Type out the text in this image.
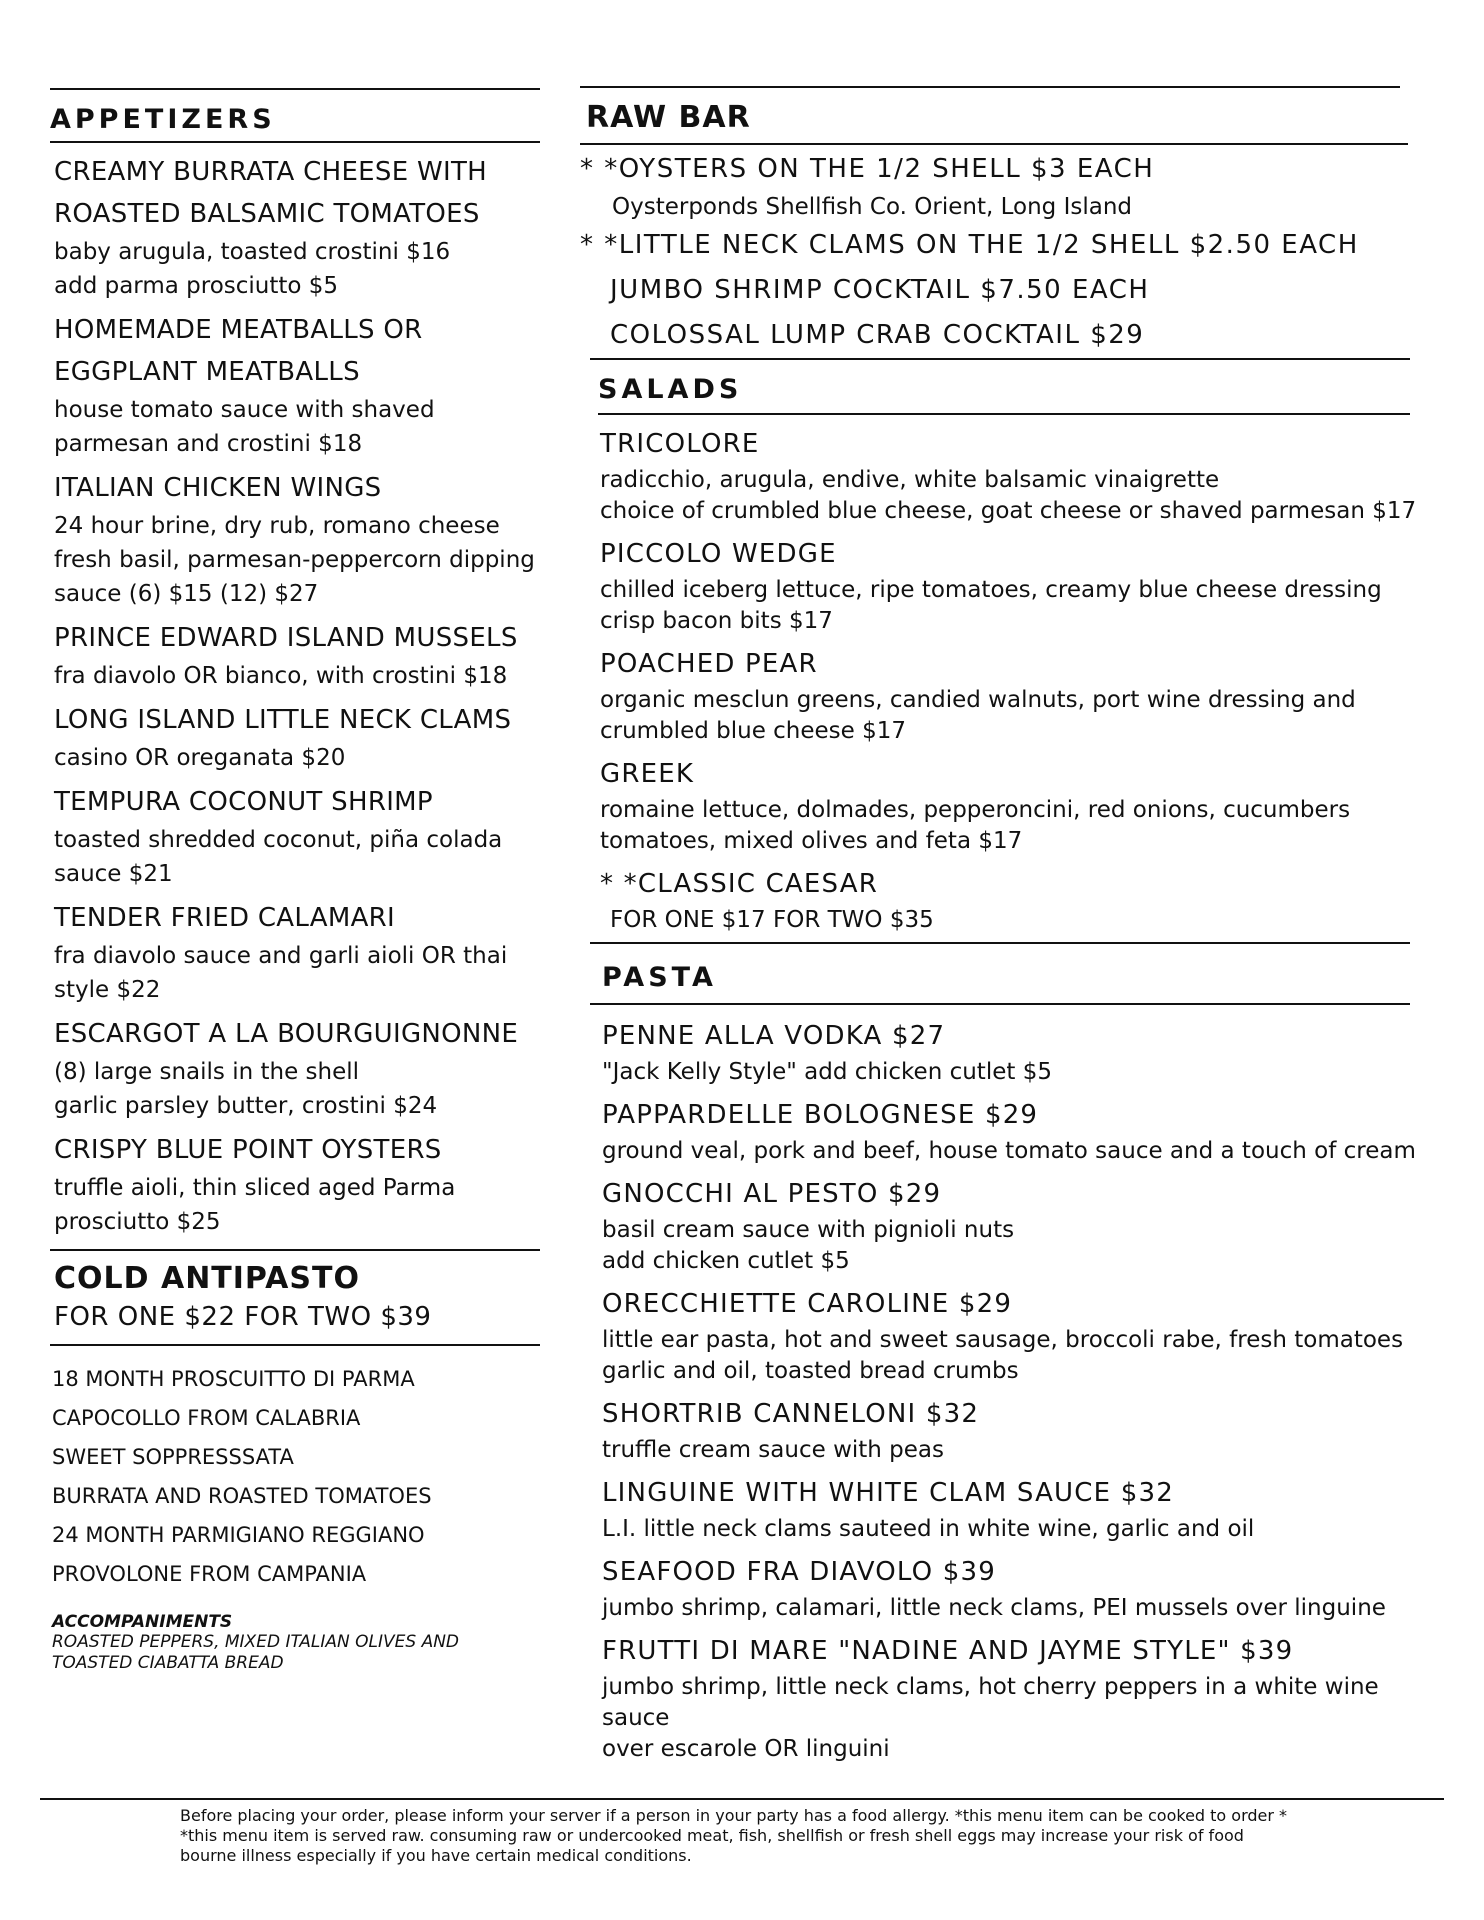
APPETIZERS
CREAMY BURRATA CHEESE WITH ROASTED BALSAMIC TOMATOES
baby arugula, toasted crostini $16
add parma prosciutto $5
HOMEMADE MEATBALLS OR EGGPLANT MEATBALLS
house tomato sauce with shaved parmesan and crostini $18
ITALIAN CHICKEN WINGS
24 hour brine, dry rub, romano cheese fresh basil, parmesan-peppercorn dipping sauce (6) $15 (12) $27
PRINCE EDWARD ISLAND MUSSELS
fra diavolo OR bianco, with crostini $18
LONG ISLAND LITTLE NECK CLAMS
casino OR oreganata $20
TEMPURA COCONUT SHRIMP
toasted shredded coconut, piña colada sauce $21
TENDER FRIED CALAMARI
fra diavolo sauce and garli aioli OR thai style $22
ESCARGOT A LA BOURGUIGNONNE
(8) large snails in the shell
garlic parsley butter, crostini $24
CRISPY BLUE POINT OYSTERS
truffle aioli, thin sliced aged Parma prosciutto $25
COLD ANTIPASTO
FOR ONE $22 FOR TWO $39
18 MONTH PROSCUITTO DI PARMA
CAPOCOLLO FROM CALABRIA
SWEET SOPPRESSSATA
BURRATA AND ROASTED TOMATOES
24 MONTH PARMIGIANO REGGIANO
PROVOLONE FROM CAMPANIA
ACCOMPANIMENTS
ROASTED PEPPERS, MIXED ITALIAN OLIVES AND TOASTED CIABATTA BREAD
RAW BAR
* *OYSTERS ON THE 1/2 SHELL $3 EACH
Oysterponds Shellfish Co. Orient, Long Island
* *LITTLE NECK CLAMS ON THE 1/2 SHELL $2.50 EACH
JUMBO SHRIMP COCKTAIL $7.50 EACH
COLOSSAL LUMP CRAB COCKTAIL $29
SALADS
TRICOLORE
radicchio, arugula, endive, white balsamic vinaigrette
choice of crumbled blue cheese, goat cheese or shaved parmesan $17
PICCOLO WEDGE
chilled iceberg lettuce, ripe tomatoes, creamy blue cheese dressing
crisp bacon bits $17
POACHED PEAR
organic mesclun greens, candied walnuts, port wine dressing and
crumbled blue cheese $17
GREEK
romaine lettuce, dolmades, pepperoncini, red onions, cucumbers
tomatoes, mixed olives and feta $17
* *CLASSIC CAESAR
FOR ONE $17 FOR TWO $35
PASTA
PENNE ALLA VODKA $27
"Jack Kelly Style" add chicken cutlet $5
PAPPARDELLE BOLOGNESE $29
ground veal, pork and beef, house tomato sauce and a touch of cream
GNOCCHI AL PESTO $29
basil cream sauce with pignioli nuts
add chicken cutlet $5
ORECCHIETTE CAROLINE $29
little ear pasta, hot and sweet sausage, broccoli rabe, fresh tomatoes
garlic and oil, toasted bread crumbs
SHORTRIB CANNELONI $32
truffle cream sauce with peas
LINGUINE WITH WHITE CLAM SAUCE $32
L.I. little neck clams sauteed in white wine, garlic and oil
SEAFOOD FRA DIAVOLO $39
jumbo shrimp, calamari, little neck clams, PEI mussels over linguine
FRUTTI DI MARE "NADINE AND JAYME STYLE" $39
jumbo shrimp, little neck clams, hot cherry peppers in a white wine sauce
over escarole OR linguini
Before placing your order, please inform your server if a person in your party has a food allergy. *this menu item can be cooked to order * *this menu item is served raw. consuming raw or undercooked meat, fish, shellfish or fresh shell eggs may increase your risk of food bourne illness especially if you have certain medical conditions.
